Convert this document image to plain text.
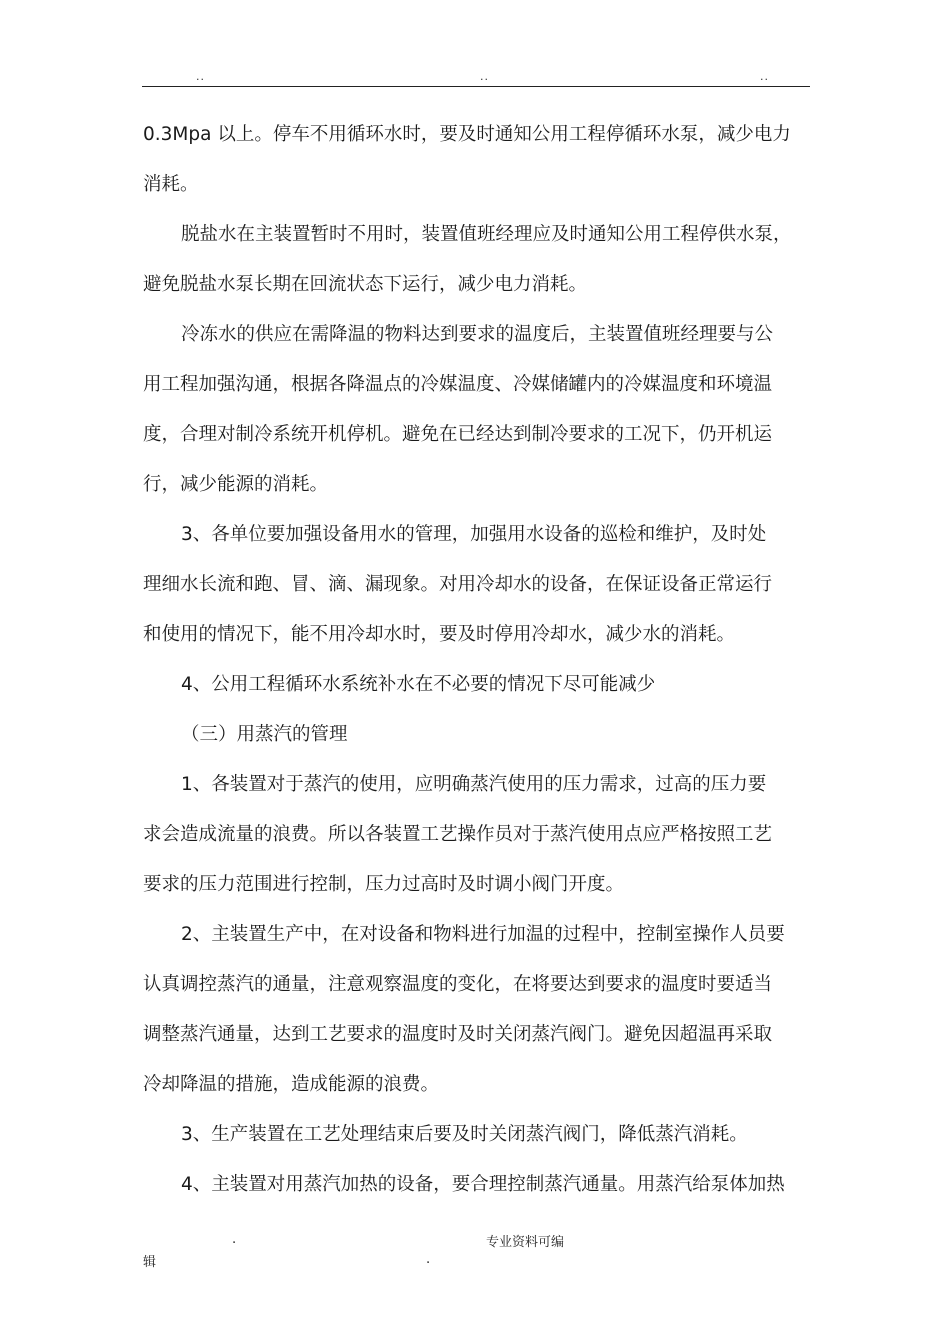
..	..	..
0.3Mpa 以上。停车不用循环水时，要及时通知公用工程停循环水泵，减少电力
消耗。
脱盐水在主装置暂时不用时，装置值班经理应及时通知公用工程停供水泵，
避免脱盐水泵长期在回流状态下运行，减少电力消耗。
冷冻水的供应在需降温的物料达到要求的温度后，主装置值班经理要与公
用工程加强沟通，根据各降温点的冷媒温度、冷媒储罐内的冷媒温度和环境温
度，合理对制冷系统开机停机。避免在已经达到制冷要求的工况下，仍开机运
行，减少能源的消耗。
3、各单位要加强设备用水的管理，加强用水设备的巡检和维护，及时处
理细水长流和跑、冒、滴、漏现象。对用冷却水的设备，在保证设备正常运行
和使用的情况下，能不用冷却水时，要及时停用冷却水，减少水的消耗。
4、公用工程循环水系统补水在不必要的情况下尽可能减少
（三）用蒸汽的管理
1、各装置对于蒸汽的使用，应明确蒸汽使用的压力需求，过高的压力要
求会造成流量的浪费。所以各装置工艺操作员对于蒸汽使用点应严格按照工艺
要求的压力范围进行控制，压力过高时及时调小阀门开度。
2、主装置生产中，在对设备和物料进行加温的过程中，控制室操作人员要
认真调控蒸汽的通量，注意观察温度的变化，在将要达到要求的温度时要适当
调整蒸汽通量，达到工艺要求的温度时及时关闭蒸汽阀门。避免因超温再采取
冷却降温的措施，造成能源的浪费。
3、生产装置在工艺处理结束后要及时关闭蒸汽阀门，降低蒸汽消耗。
4、主装置对用蒸汽加热的设备，要合理控制蒸汽通量。用蒸汽给泵体加热
.	专业资料可编
辑	.
